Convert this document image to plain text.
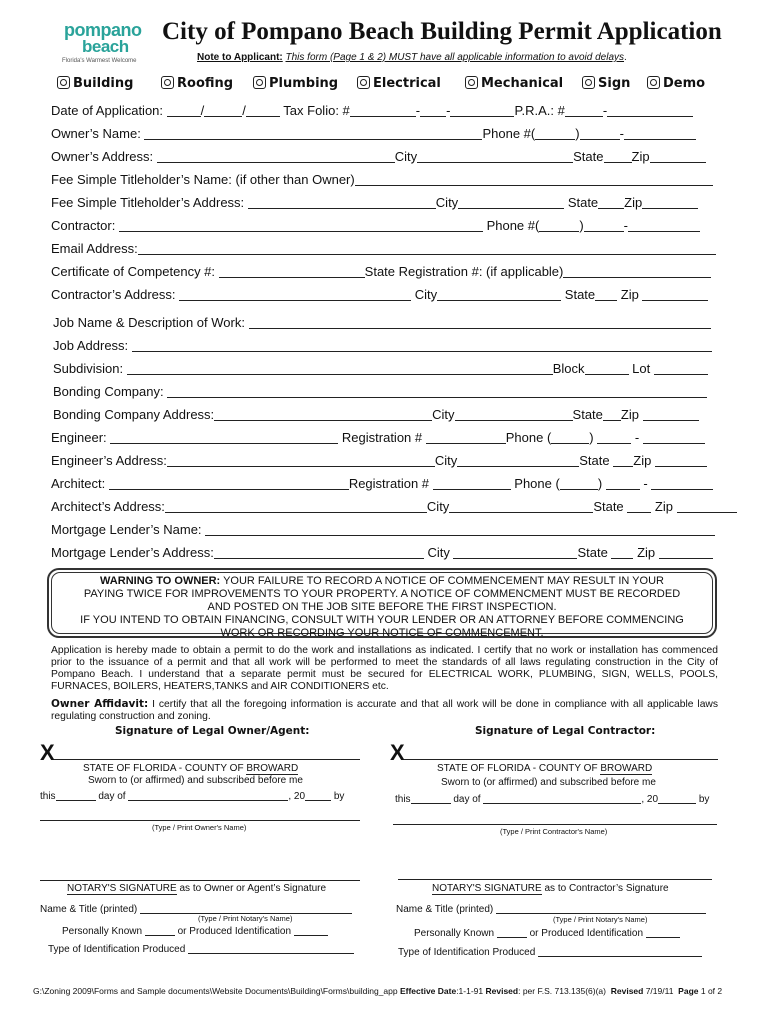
pompano
beach
Florida's Warmest Welcome
City of Pompano Beach Building Permit Application
Note to Applicant: This form (Page 1 & 2) MUST have all applicable information to avoid delays.
Building	Roofing	Plumbing	Electrical	Mechanical	Sign	Demo
Date of Application:	/	/	Tax Folio: #	- -	P.R.A.: #	-
Owner’s Name:	Phone #(	)	-
Owner’s Address:	City	State Zip
Fee Simple Titleholder’s Name: (if other than Owner)
Fee Simple Titleholder’s Address:	City	State Zip
Contractor:	Phone #(	)	-
Email Address:
Certificate of Competency #:	State Registration #: (if applicable)
Contractor’s Address:	City	State Zip
Job Name & Description of Work:
Job Address:
Subdivision:	Block	Lot
Bonding Company:
Bonding Company Address:	City	State Zip
Engineer:	Registration #	Phone (	)	-
Engineer’s Address:	City	State Zip
Architect:	Registration #	Phone (	)	-
Architect’s Address:	City	State Zip
Mortgage Lender’s Name:
Mortgage Lender’s Address:	City	State Zip
WARNING TO OWNER: YOUR FAILURE TO RECORD A NOTICE OF COMMENCEMENT MAY RESULT IN YOUR
PAYING TWICE FOR IMPROVEMENTS TO YOUR PROPERTY. A NOTICE OF COMMENCMENT MUST BE RECORDED
AND POSTED ON THE JOB SITE BEFORE THE FIRST INSPECTION.
IF YOU INTEND TO OBTAIN FINANCING, CONSULT WITH YOUR LENDER OR AN ATTORNEY BEFORE COMMENCING
WORK OR RECORDING YOUR NOTICE OF COMMENCEMENT.
Application is hereby made to obtain a permit to do the work and installations as indicated. I certify that no work or installation has commenced prior to the issuance of a permit and that all work will be performed to meet the standards of all laws regulating construction in the City of Pompano Beach. I understand that a separate permit must be secured for ELECTRICAL WORK, PLUMBING, SIGN, WELLS, POOLS, FURNACES, BOILERS, HEATERS,TANKS and AIR CONDITIONERS etc.
Owner Affidavit: I certify that all the foregoing information is accurate and that all work will be done in compliance with all applicable laws regulating construction and zoning.
Signature of Legal Owner/Agent:	Signature of Legal Contractor:
X
STATE OF FLORIDA - COUNTY OF BROWARD
Sworn to (or affirmed) and subscribed before me
this	day of	, 20	by
(Type / Print Owner's Name)
NOTARY'S SIGNATURE as to Owner or Agent’s Signature
Name & Title (printed)
(Type / Print Notary’s Name)
Personally Known	or Produced Identification
Type of Identification Produced
X
STATE OF FLORIDA - COUNTY OF BROWARD
Sworn to (or affirmed) and subscribed before me
this	day of	, 20	by
(Type / Print Contractor's Name)
NOTARY'S SIGNATURE as to Contractor’s Signature
Name & Title (printed)
(Type / Print Notary’s Name)
Personally Known	or Produced Identification
Type of Identification Produced
G:\Zoning 2009\Forms and Sample documents\Website Documents\Building\Forms\building_app Effective Date:1-1-91 Revised: per F.S. 713.135(6)(a) Revised 7/19/11 Page 1 of 2
